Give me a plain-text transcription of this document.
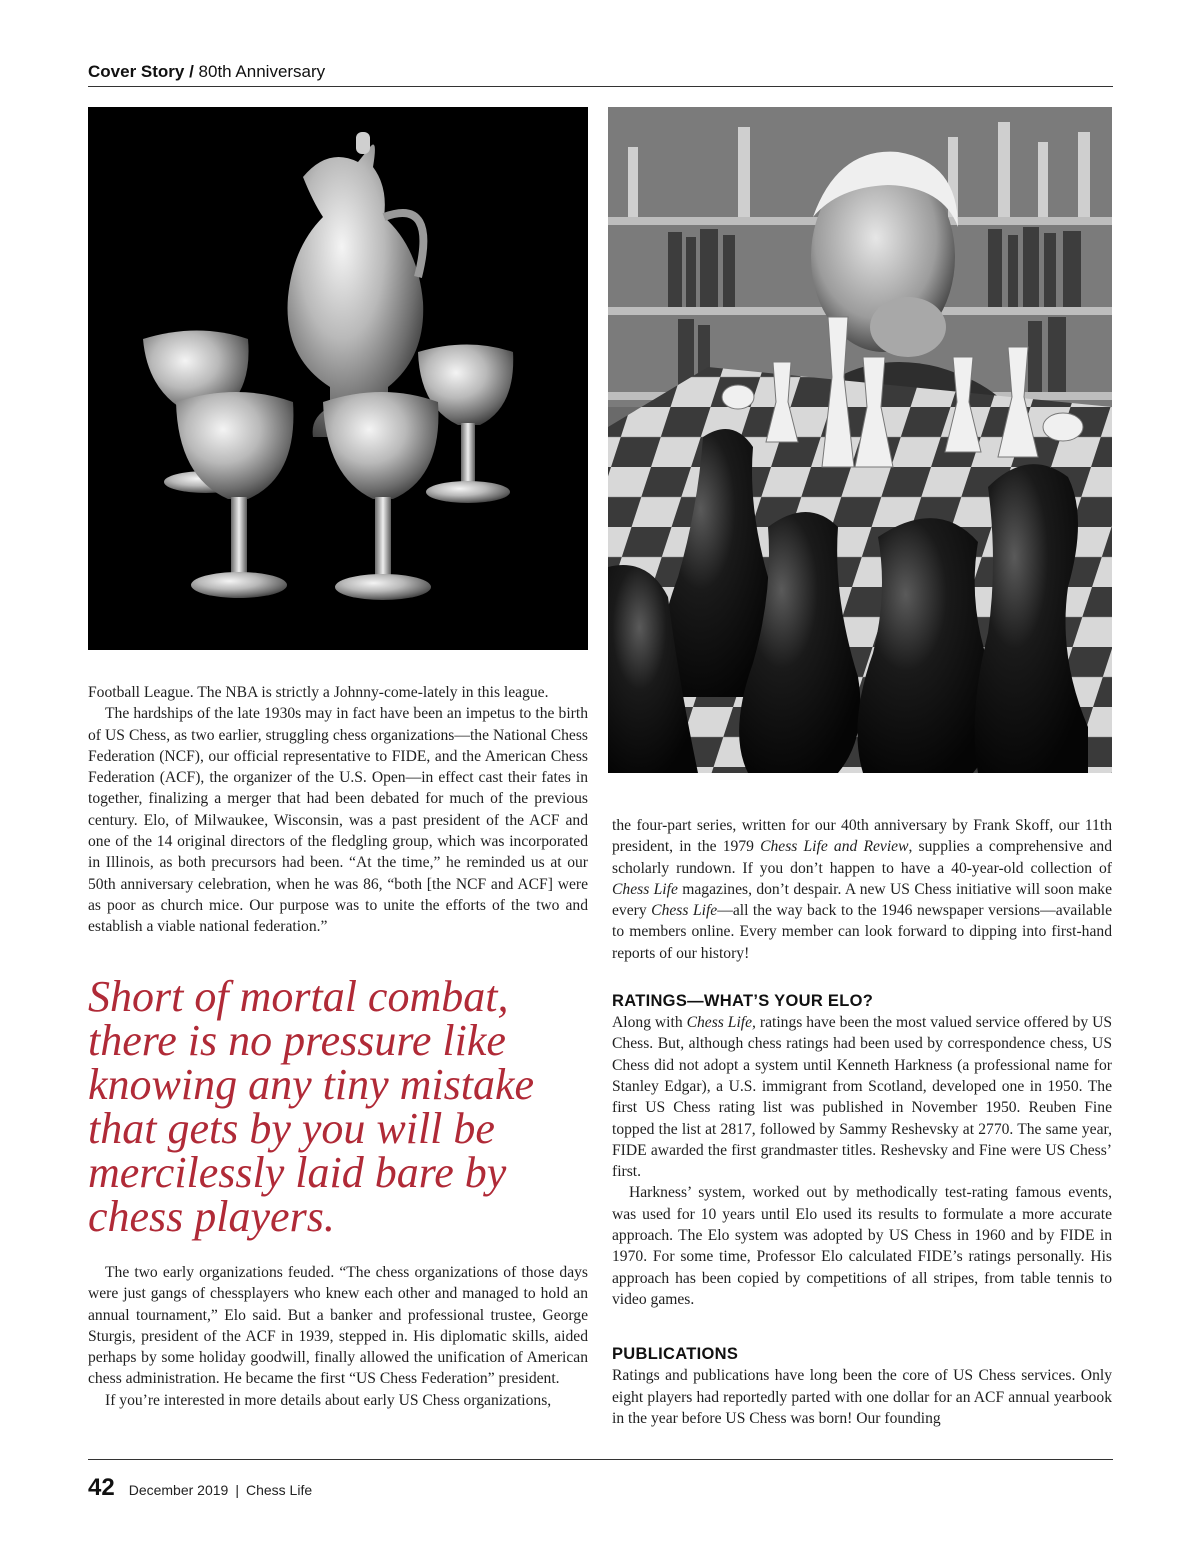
Cover Story / 80th Anniversary

Football League. The NBA is strictly a Johnny-come-lately in this league.

The hardships of the late 1930s may in fact have been an impetus to the birth of US Chess, as two earlier, struggling chess organizations—the National Chess Federation (NCF), our official representative to FIDE, and the American Chess Federation (ACF), the organizer of the U.S. Open—in effect cast their fates in together, finalizing a merger that had been debated for much of the previous century. Elo, of Milwaukee, Wisconsin, was a past president of the ACF and one of the 14 original directors of the fledgling group, which was incorporated in Illinois, as both precursors had been. “At the time,” he reminded us at our 50th anniversary celebration, when he was 86, “both [the NCF and ACF] were as poor as church mice. Our purpose was to unite the efforts of the two and establish a viable national federation.”

Short of mortal combat, there is no pressure like knowing any tiny mistake that gets by you will be mercilessly laid bare by chess players.

The two early organizations feuded. “The chess organizations of those days were just gangs of chessplayers who knew each other and managed to hold an annual tournament,” Elo said. But a banker and professional trustee, George Sturgis, president of the ACF in 1939, stepped in. His diplomatic skills, aided perhaps by some holiday goodwill, finally allowed the unification of American chess administration. He became the first “US Chess Federation” president.

If you’re interested in more details about early US Chess organizations,

the four-part series, written for our 40th anniversary by Frank Skoff, our 11th president, in the 1979 Chess Life and Review, supplies a comprehensive and scholarly rundown. If you don’t happen to have a 40-year-old collection of Chess Life magazines, don’t despair. A new US Chess initiative will soon make every Chess Life—all the way back to the 1946 newspaper versions—available to members online. Every member can look forward to dipping into first-hand reports of our history!

RATINGS—WHAT’S YOUR ELO?

Along with Chess Life, ratings have been the most valued service offered by US Chess. But, although chess ratings had been used by correspondence chess, US Chess did not adopt a system until Kenneth Harkness (a professional name for Stanley Edgar), a U.S. immigrant from Scotland, developed one in 1950. The first US Chess rating list was published in November 1950. Reuben Fine topped the list at 2817, followed by Sammy Reshevsky at 2770. The same year, FIDE awarded the first grandmaster titles. Reshevsky and Fine were US Chess’ first.

Harkness’ system, worked out by methodically test-rating famous events, was used for 10 years until Elo used its results to formulate a more accurate approach. The Elo system was adopted by US Chess in 1960 and by FIDE in 1970. For some time, Professor Elo calculated FIDE’s ratings personally. His approach has been copied by competitions of all stripes, from table tennis to video games.

PUBLICATIONS

Ratings and publications have long been the core of US Chess services. Only eight players had reportedly parted with one dollar for an ACF annual yearbook in the year before US Chess was born! Our founding

42 December 2019 | Chess Life
